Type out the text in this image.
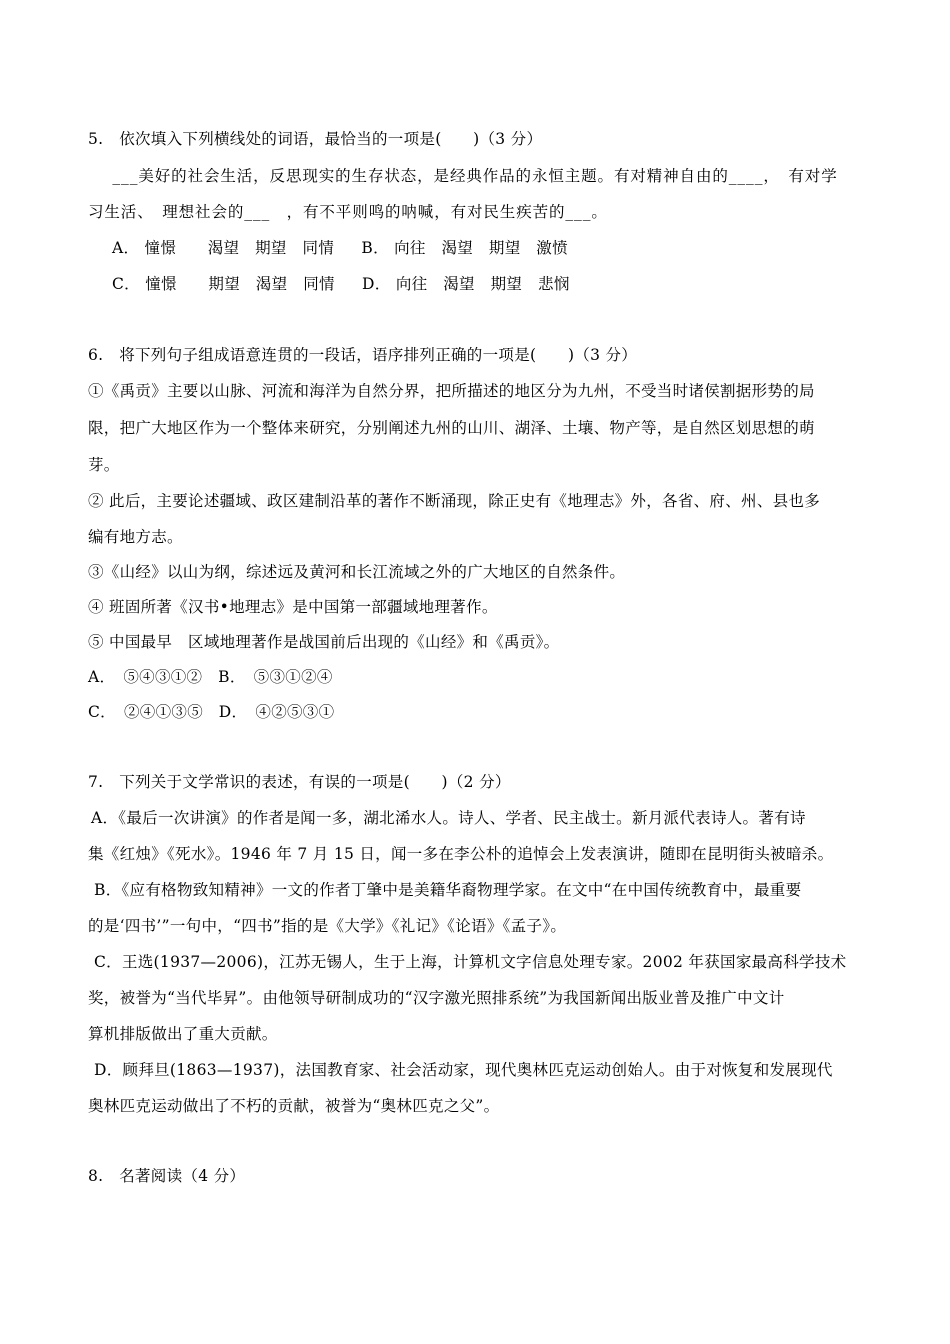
5.　依次填入下列横线处的词语，最恰当的一项是(　　)（3 分）
　___美好的社会生活，反思现实的生存状态，是经典作品的永恒主题。有对精神自由的____，　有对学
习生活、　理想社会的___　，有不平则鸣的呐喊，有对民生疾苦的___。
A． 憧憬　　渴望　期望　同情 B． 向往　渴望　期望　激愤
C． 憧憬　　期望　渴望　同情 D． 向往　渴望　期望　悲悯
6.　将下列句子组成语意连贯的一段话，语序排列正确的一项是(　　)（3 分）
①《禹贡》主要以山脉、河流和海洋为自然分界，把所描述的地区分为九州，不受当时诸侯割据形势的局
限，把广大地区作为一个整体来研究，分别阐述九州的山川、湖泽、土壤、物产等，是自然区划思想的萌
芽。
② 此后，主要论述疆域、政区建制沿革的著作不断涌现，除正史有《地理志》外，各省、府、州、县也多
编有地方志。
③《山经》以山为纲，综述远及黄河和长江流域之外的广大地区的自然条件。
④ 班固所著《汉书•地理志》是中国第一部疆域地理著作。
⑤ 中国最早　区域地理著作是战国前后出现的《山经》和《禹贡》。
A．　⑤④③①②　B．　⑤③①②④
C．　②④①③⑤　D．　④②⑤③①
7.　下列关于文学常识的表述，有误的一项是(　　)（2 分）
A．《最后一次讲演》的作者是闻一多，湖北浠水人。诗人、学者、民主战士。新月派代表诗人。著有诗
集《红烛》《死水》。1946 年 7 月 15 日，闻一多在李公朴的追悼会上发表演讲，随即在昆明街头被暗杀。
B．《应有格物致知精神》一文的作者丁肇中是美籍华裔物理学家。在文中“在中国传统教育中，最重要
的是‘四书’”一句中，“四书”指的是《大学》《礼记》《论语》《孟子》。
C．王选(1937—2006)，江苏无锡人，生于上海，计算机文字信息处理专家。2002 年获国家最高科学技术
奖，被誉为“当代毕昇”。由他领导研制成功的“汉字激光照排系统”为我国新闻出版业普及推广中文计
算机排版做出了重大贡献。
D．顾拜旦(1863—1937)，法国教育家、社会活动家，现代奥林匹克运动创始人。由于对恢复和发展现代
奥林匹克运动做出了不朽的贡献，被誉为“奥林匹克之父”。
8.　名著阅读（4 分）
